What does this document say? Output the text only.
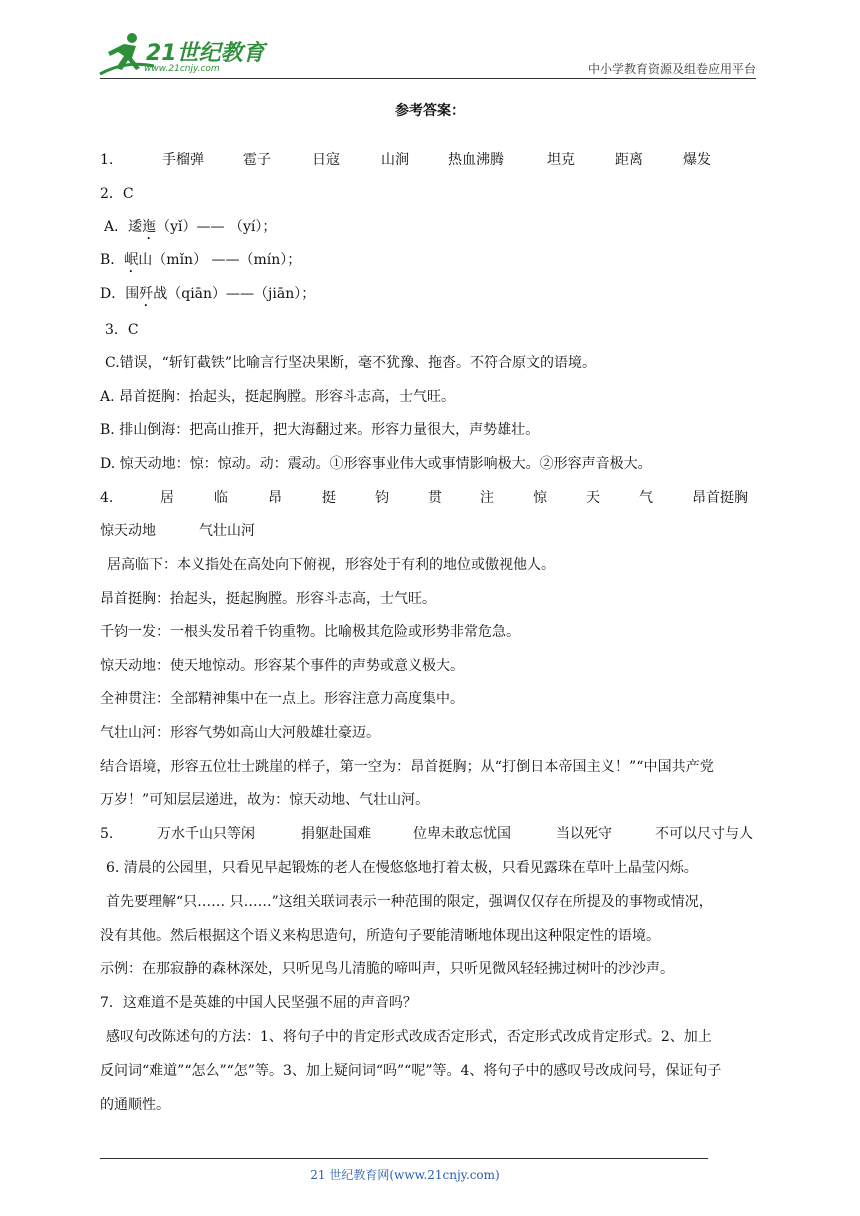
21世纪教育
www.21cnjy.com	中小学教育资源及组卷应用平台
参考答案：
1.	手榴弹	雹子	日寇	山涧	热血沸腾	坦克	距离	爆发
2．C
A．逶迤（yǐ）—— （yí）；
B．岷山（mǐn） ——（mín）；
D．围歼战（qiān）——（jiān）；
3．C
C.错误，“斩钉截铁”比喻言行坚决果断，毫不犹豫、拖沓。不符合原文的语境。
A. 昂首挺胸：抬起头，挺起胸膛。形容斗志高，士气旺。
B. 排山倒海：把高山推开，把大海翻过来。形容力量很大，声势雄壮。
D. 惊天动地：惊：惊动。动：震动。①形容事业伟大或事情影响极大。②形容声音极大。
4.	居	临	昂	挺	钧	贯	注	惊	天	气	昂首挺胸
惊天动地	气壮山河
居高临下：本义指处在高处向下俯视，形容处于有利的地位或傲视他人。
昂首挺胸：抬起头，挺起胸膛。形容斗志高，士气旺。
千钧一发：一根头发吊着千钧重物。比喻极其危险或形势非常危急。
惊天动地：使天地惊动。形容某个事件的声势或意义极大。
全神贯注：全部精神集中在一点上。形容注意力高度集中。
气壮山河：形容气势如高山大河般雄壮豪迈。
结合语境，形容五位壮士跳崖的样子，第一空为：昂首挺胸；从“打倒日本帝国主义！”“中国共产党
万岁！”可知层层递进，故为：惊天动地、气壮山河。
5.	万水千山只等闲	捐躯赴国难	位卑未敢忘忧国	当以死守	不可以尺寸与人
6. 清晨的公园里，只看见早起锻炼的老人在慢悠悠地打着太极，只看见露珠在草叶上晶莹闪烁。
首先要理解“只…… 只……”这组关联词表示一种范围的限定，强调仅仅存在所提及的事物或情况，
没有其他。然后根据这个语义来构思造句，所造句子要能清晰地体现出这种限定性的语境。
示例：在那寂静的森林深处，只听见鸟儿清脆的啼叫声，只听见微风轻轻拂过树叶的沙沙声。
7．这难道不是英雄的中国人民坚强不屈的声音吗？
感叹句改陈述句的方法：1、将句子中的肯定形式改成否定形式，否定形式改成肯定形式。2、加上
反问词“难道”“怎么”“怎”等。3、加上疑问词“吗”“呢”等。4、将句子中的感叹号改成问号，保证句子
的通顺性。
21 世纪教育网(www.21cnjy.com)
